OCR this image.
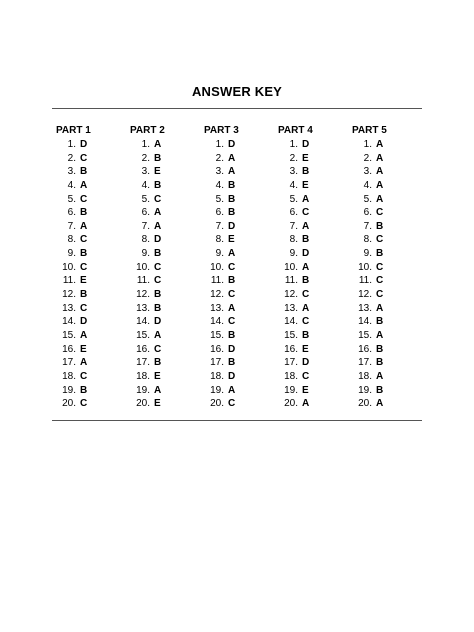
ANSWER KEY
PART 1
1. D
2. C
3. B
4. A
5. C
6. B
7. A
8. C
9. B
10. C
11. E
12. B
13. C
14. D
15. A
16. E
17. A
18. C
19. B
20. C
PART 2
1. A
2. B
3. E
4. B
5. C
6. A
7. A
8. D
9. B
10. C
11. C
12. B
13. B
14. D
15. A
16. C
17. B
18. E
19. A
20. E
PART 3
1. D
2. A
3. A
4. B
5. B
6. B
7. D
8. E
9. A
10. C
11. B
12. C
13. A
14. C
15. B
16. D
17. B
18. D
19. A
20. C
PART 4
1. D
2. E
3. B
4. E
5. A
6. C
7. A
8. B
9. D
10. A
11. B
12. C
13. A
14. C
15. B
16. E
17. D
18. C
19. E
20. A
PART 5
1. A
2. A
3. A
4. A
5. A
6. C
7. B
8. C
9. B
10. C
11. C
12. C
13. A
14. B
15. A
16. B
17. B
18. A
19. B
20. A
